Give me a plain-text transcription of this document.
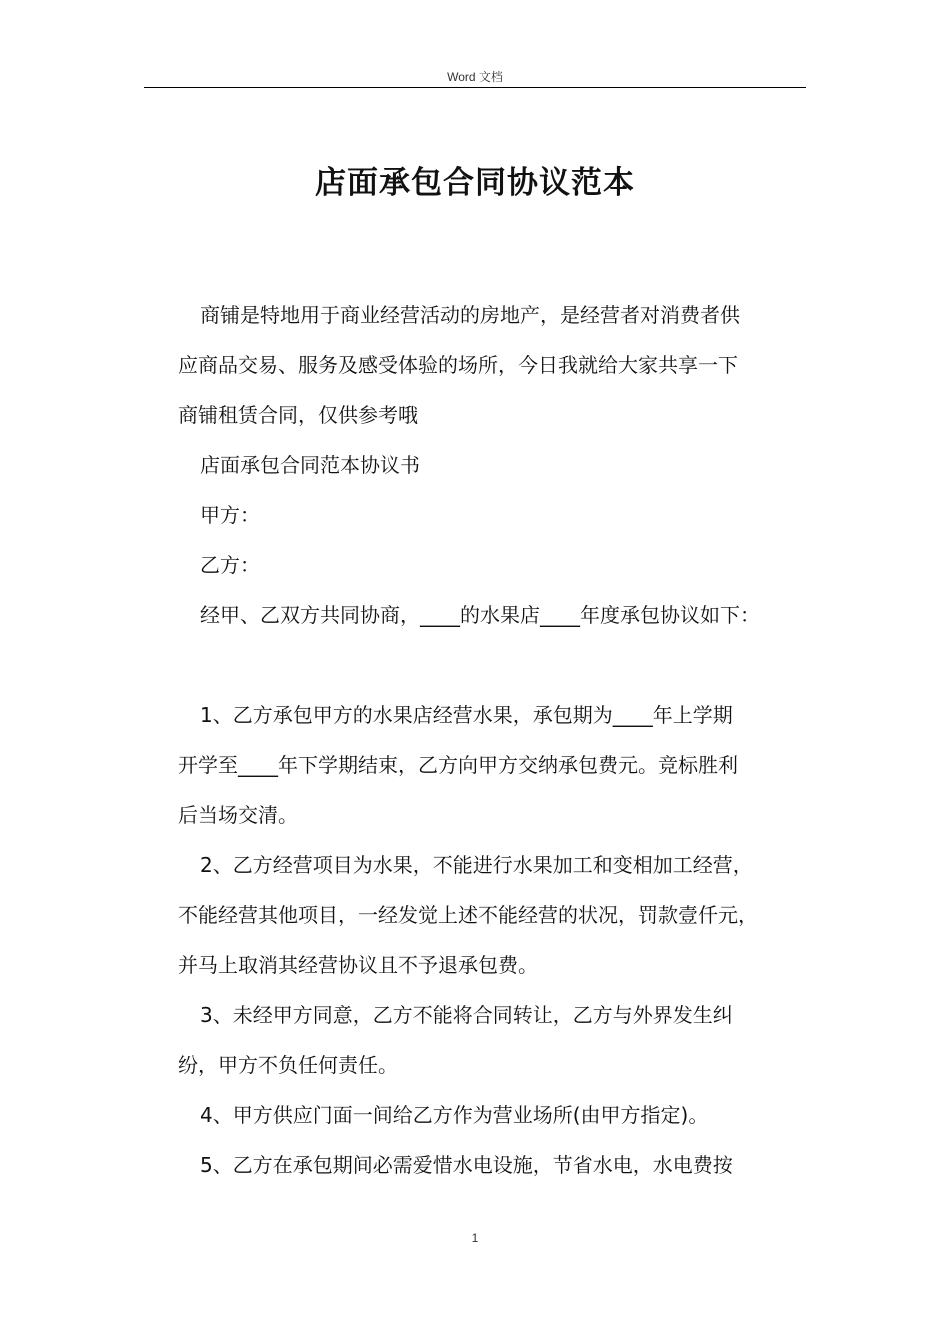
Word 文档
店面承包合同协议范本

商铺是特地用于商业经营活动的房地产，是经营者对消费者供
应商品交易、服务及感受体验的场所，今日我就给大家共享一下
商铺租赁合同，仅供参考哦

店面承包合同范本协议书

甲方：

乙方：

经甲、乙双方共同协商，____的水果店____年度承包协议如下：

1、乙方承包甲方的水果店经营水果，承包期为____年上学期
开学至____年下学期结束，乙方向甲方交纳承包费元。竞标胜利
后当场交清。

2、乙方经营项目为水果，不能进行水果加工和变相加工经营，
不能经营其他项目，一经发觉上述不能经营的状况，罚款壹仟元，
并马上取消其经营协议且不予退承包费。

3、未经甲方同意，乙方不能将合同转让，乙方与外界发生纠
纷，甲方不负任何责任。

4、甲方供应门面一间给乙方作为营业场所(由甲方指定)。

5、乙方在承包期间必需爱惜水电设施，节省水电，水电费按

1
